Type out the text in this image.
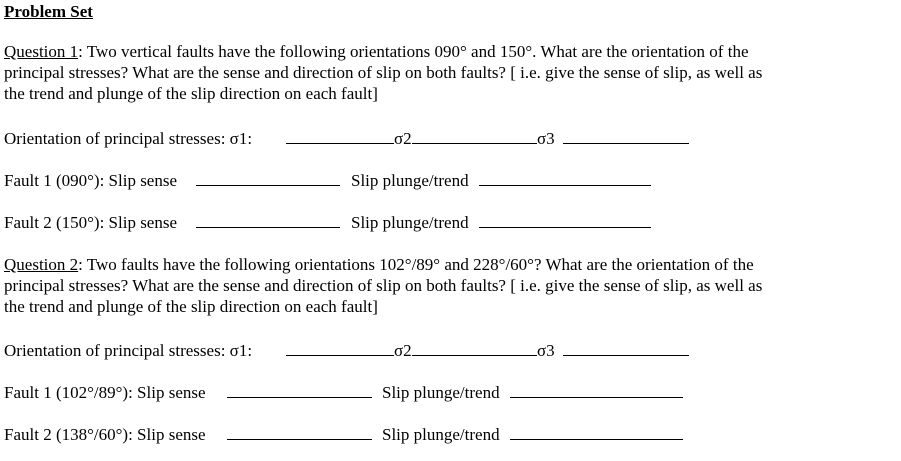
Problem Set
Question 1: Two vertical faults have the following orientations 090° and 150°. What are the orientation of the
principal stresses? What are the sense and direction of slip on both faults? [ i.e. give the sense of slip, as well as
the trend and plunge of the slip direction on each fault]
Orientation of principal stresses: σ1:	σ2	σ3
Fault 1 (090°): Slip sense	Slip plunge/trend
Fault 2 (150°): Slip sense	Slip plunge/trend
Question 2: Two faults have the following orientations 102°/89° and 228°/60°? What are the orientation of the
principal stresses? What are the sense and direction of slip on both faults? [ i.e. give the sense of slip, as well as
the trend and plunge of the slip direction on each fault]
Orientation of principal stresses: σ1:	σ2	σ3
Fault 1 (102°/89°): Slip sense	Slip plunge/trend
Fault 2 (138°/60°): Slip sense	Slip plunge/trend
